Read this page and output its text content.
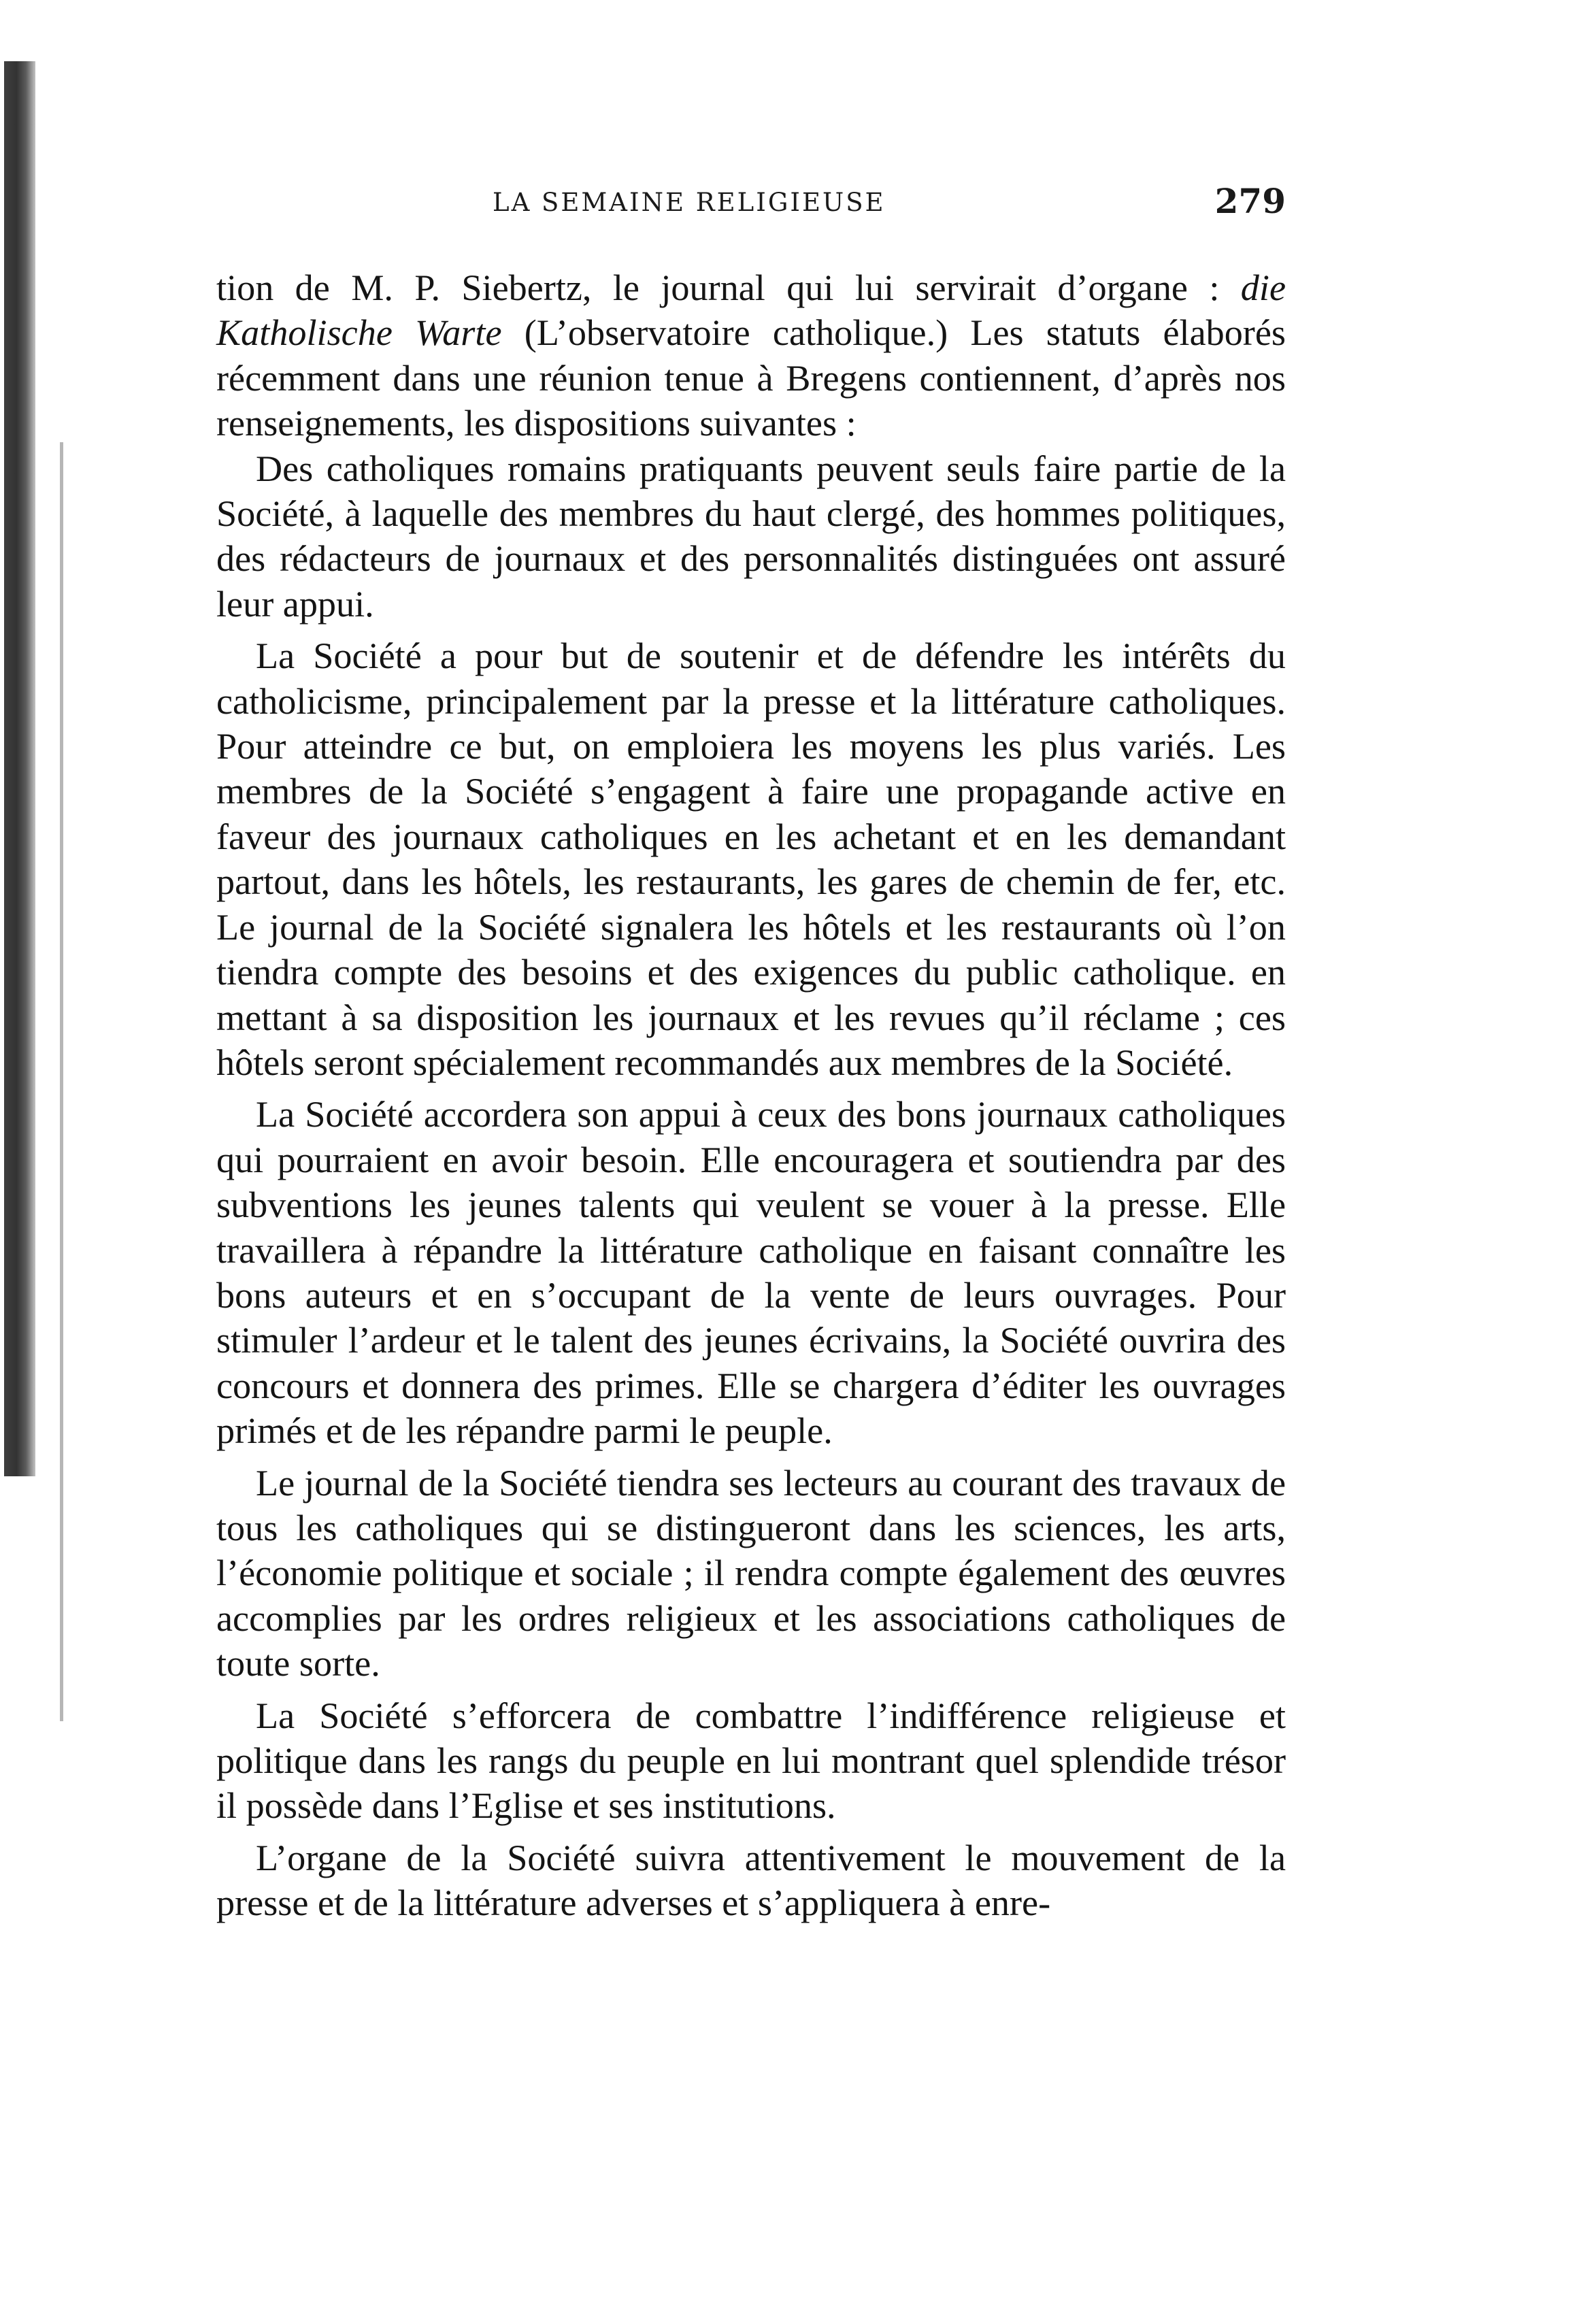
LA SEMAINE RELIGIEUSE	279

tion de M. P. Siebertz, le journal qui lui servirait d’organe : die Katholische Warte (L’observatoire catholique.) Les statuts élaborés récemment dans une réunion tenue à Bregens contiennent, d’après nos renseignements, les dispositions suivantes :

Des catholiques romains pratiquants peuvent seuls faire partie de la Société, à laquelle des membres du haut clergé, des hommes politiques, des rédacteurs de journaux et des personnalités distinguées ont assuré leur appui.

La Société a pour but de soutenir et de défendre les intérêts du catholicisme, principalement par la presse et la littérature catholiques. Pour atteindre ce but, on emploiera les moyens les plus variés. Les membres de la Société s’engagent à faire une propagande active en faveur des journaux catholiques en les achetant et en les demandant partout, dans les hôtels, les restaurants, les gares de chemin de fer, etc. Le journal de la Société signalera les hôtels et les restaurants où l’on tiendra compte des besoins et des exigences du public catholique. en mettant à sa disposition les journaux et les revues qu’il réclame ; ces hôtels seront spécialement recommandés aux membres de la Société.

La Société accordera son appui à ceux des bons journaux catholiques qui pourraient en avoir besoin. Elle encouragera et soutiendra par des subventions les jeunes talents qui veulent se vouer à la presse. Elle travaillera à répandre la littérature catholique en faisant connaître les bons auteurs et en s’occupant de la vente de leurs ouvrages. Pour stimuler l’ardeur et le talent des jeunes écrivains, la Société ouvrira des concours et donnera des primes. Elle se chargera d’éditer les ouvrages primés et de les répandre parmi le peuple.

Le journal de la Société tiendra ses lecteurs au courant des travaux de tous les catholiques qui se distingueront dans les sciences, les arts, l’économie politique et sociale ; il rendra compte également des œuvres accomplies par les ordres religieux et les associations catholiques de toute sorte.

La Société s’efforcera de combattre l’indifférence religieuse et politique dans les rangs du peuple en lui montrant quel splendide trésor il possède dans l’Eglise et ses institutions.

L’organe de la Société suivra attentivement le mouvement de la presse et de la littérature adverses et s’appliquera à enre-
